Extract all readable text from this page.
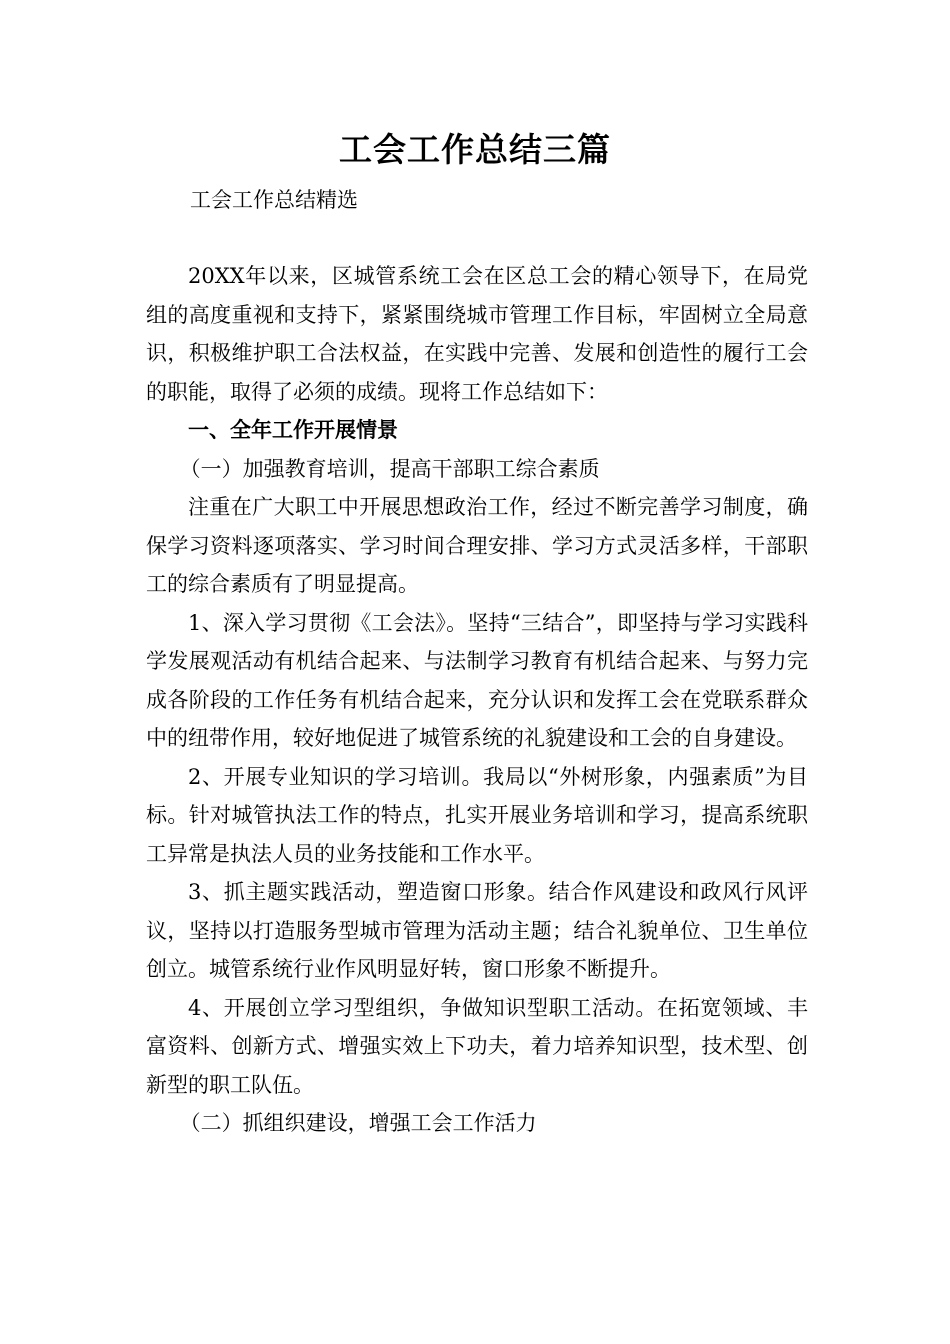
工会工作总结三篇
工会工作总结精选

20XX年以来，区城管系统工会在区总工会的精心领导下，在局党组的高度重视和支持下，紧紧围绕城市管理工作目标，牢固树立全局意识，积极维护职工合法权益，在实践中完善、发展和创造性的履行工会的职能，取得了必须的成绩。现将工作总结如下：

一、全年工作开展情景

（一）加强教育培训，提高干部职工综合素质

注重在广大职工中开展思想政治工作，经过不断完善学习制度，确保学习资料逐项落实、学习时间合理安排、学习方式灵活多样，干部职工的综合素质有了明显提高。

1、深入学习贯彻《工会法》。坚持“三结合”，即坚持与学习实践科学发展观活动有机结合起来、与法制学习教育有机结合起来、与努力完成各阶段的工作任务有机结合起来，充分认识和发挥工会在党联系群众中的纽带作用，较好地促进了城管系统的礼貌建设和工会的自身建设。

2、开展专业知识的学习培训。我局以“外树形象，内强素质”为目标。针对城管执法工作的特点，扎实开展业务培训和学习，提高系统职工异常是执法人员的业务技能和工作水平。

3、抓主题实践活动，塑造窗口形象。结合作风建设和政风行风评议，坚持以打造服务型城市管理为活动主题；结合礼貌单位、卫生单位创立。城管系统行业作风明显好转，窗口形象不断提升。

4、开展创立学习型组织，争做知识型职工活动。在拓宽领域、丰富资料、创新方式、增强实效上下功夫，着力培养知识型，技术型、创新型的职工队伍。

（二）抓组织建设，增强工会工作活力
